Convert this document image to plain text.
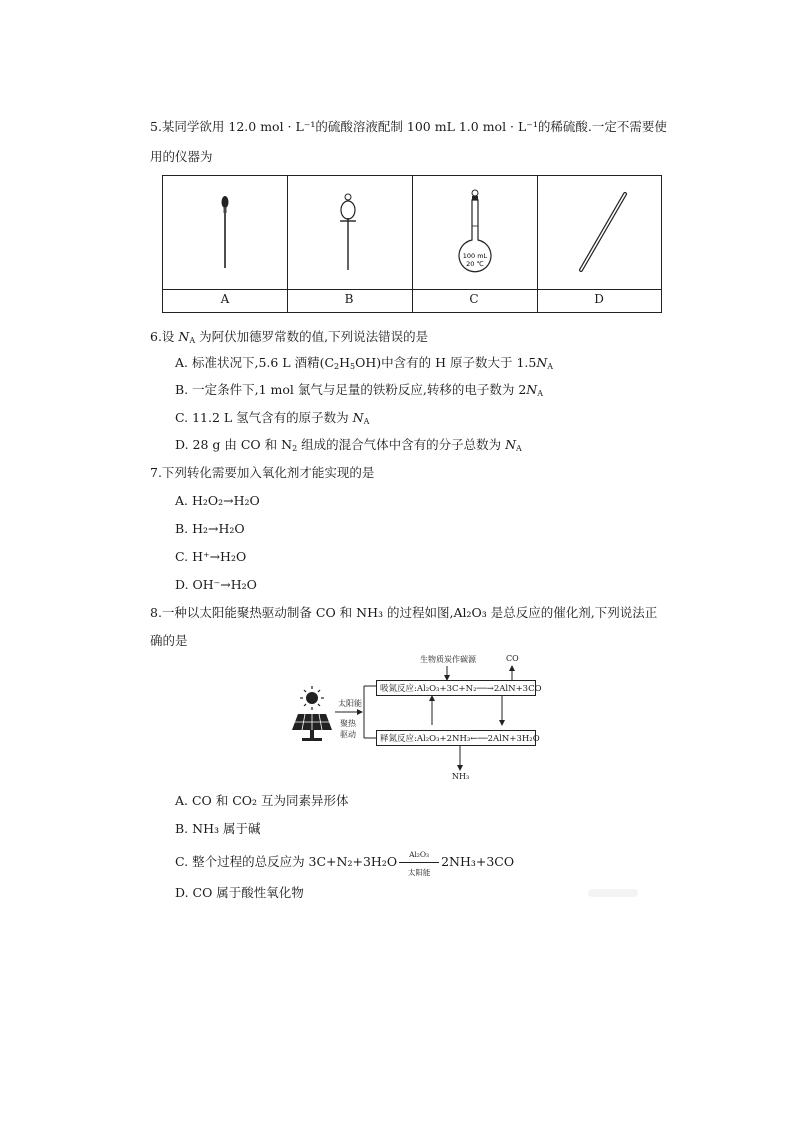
5.某同学欲用 12.0 mol · L⁻¹的硫酸溶液配制 100 mL 1.0 mol · L⁻¹的稀硫酸.一定不需要使
用的仪器为
100 mL
20 ℃
A	B	C	D
6.设 $N_A$ 为阿伏加德罗常数的值,下列说法错误的是
A. 标准状况下,5.6 L 酒精$(C_2H_5OH)$中含有的 H 原子数大于 $1.5N_A$
B. 一定条件下,1 mol 氯气与足量的铁粉反应,转移的电子数为 $2N_A$
C. 11.2 L 氢气含有的原子数为 $N_A$
D. 28 g 由 CO 和 $N_2$ 组成的混合气体中含有的分子总数为 $N_A$
7.下列转化需要加入氧化剂才能实现的是
A. H₂O₂→H₂O
B. H₂→H₂O
C. H⁺→H₂O
D. OH⁻→H₂O
8.一种以太阳能聚热驱动制备 CO 和 NH₃ 的过程如图,Al₂O₃ 是总反应的催化剂,下列说法正
确的是
生物质炭作碳源	CO
吸氮反应:Al₂O₃+3C+N₂──→2AlN+3CO
释氮反应:Al₂O₃+2NH₃←──2AlN+3H₂O
太阳能
聚热
驱动
NH₃
A. CO 和 CO₂ 互为同素异形体
B. NH₃ 属于碱
C. 整个过程的总反应为 3C+N₂+3H₂O	Al₂O₃
太阳能
2NH₃+3CO
D. CO 属于酸性氧化物
